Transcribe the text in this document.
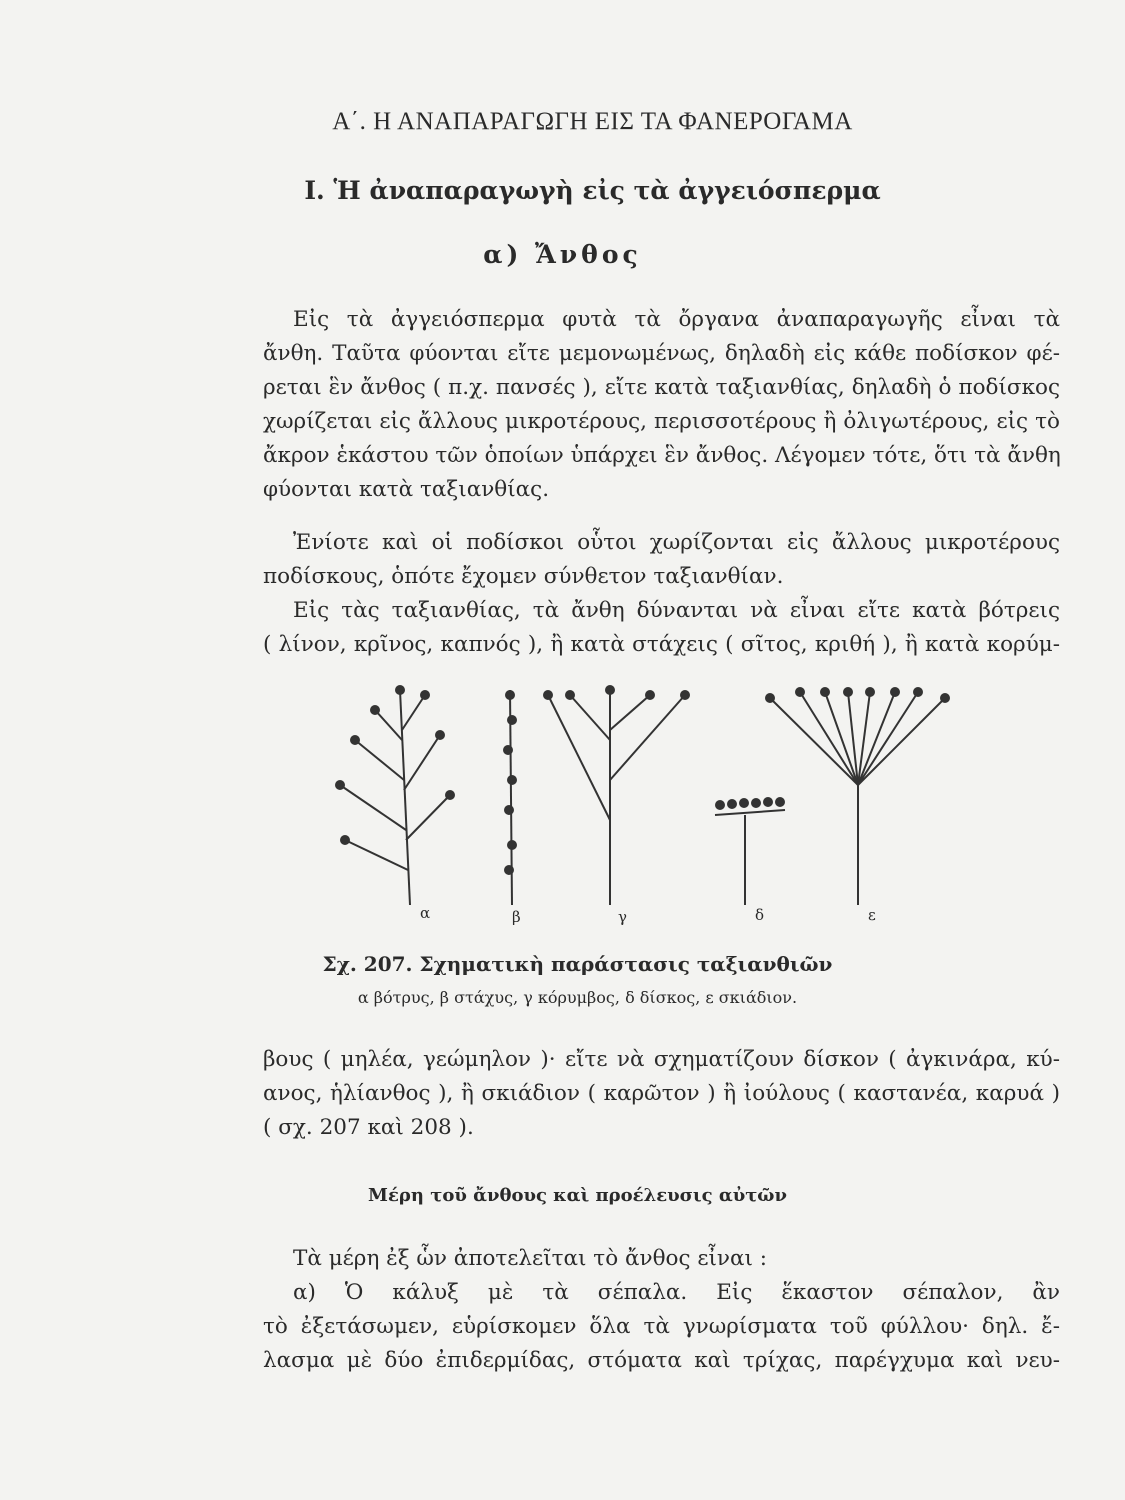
Α΄. Η ΑΝΑΠΑΡΑΓΩΓΗ ΕΙΣ ΤΑ ΦΑΝΕΡΟΓΑΜΑ
Ι. Ἡ ἀναπαραγωγὴ εἰς τὰ ἀγγειόσπερμα
α) Ἄνθος
Εἰς τὰ ἀγγειόσπερμα φυτὰ τὰ ὄργανα ἀναπαραγωγῆς εἶναι τὰ
ἄνθη. Ταῦτα φύονται εἴτε μεμονωμένως, δηλαδὴ εἰς κάθε ποδίσκον φέ-
ρεται ἓν ἄνθος ( π.χ. πανσές ), εἴτε κατὰ ταξιανθίας, δηλαδὴ ὁ ποδίσκος
χωρίζεται εἰς ἄλλους μικροτέρους, περισσοτέρους ἢ ὀλιγωτέρους, εἰς τὸ
ἄκρον ἑκάστου τῶν ὁποίων ὑπάρχει ἓν ἄνθος. Λέγομεν τότε, ὅτι τὰ ἄνθη
φύονται κατὰ ταξιανθίας.
Ἐνίοτε καὶ οἱ ποδίσκοι οὗτοι χωρίζονται εἰς ἄλλους μικροτέρους
ποδίσκους, ὁπότε ἔχομεν σύνθετον ταξιανθίαν.
Εἰς τὰς ταξιανθίας, τὰ ἄνθη δύνανται νὰ εἶναι εἴτε κατὰ βότρεις
( λίνον, κρῖνος, καπνός ), ἢ κατὰ στάχεις ( σῖτος, κριθή ), ἢ κατὰ κορύμ-
α	β	γ	δ	ε
Σχ. 207. Σχηματικὴ παράστασις ταξιανθιῶν
α βότρυς, β στάχυς, γ κόρυμβος, δ δίσκος, ε σκιάδιον.
βους ( μηλέα, γεώμηλον )· εἴτε νὰ σχηματίζουν δίσκον ( ἀγκινάρα, κύ-
ανος, ἡλίανθος ), ἢ σκιάδιον ( καρῶτον ) ἢ ἰούλους ( καστανέα, καρυά )
( σχ. 207 καὶ 208 ).
Μέρη τοῦ ἄνθους καὶ προέλευσις αὐτῶν
Τὰ μέρη ἐξ ὧν ἀποτελεῖται τὸ ἄνθος εἶναι :
α) Ὁ κάλυξ μὲ τὰ σέπαλα. Εἰς ἕκαστον σέπαλον, ἂν
τὸ ἐξετάσωμεν, εὑρίσκομεν ὅλα τὰ γνωρίσματα τοῦ φύλλου· δηλ. ἔ-
λασμα μὲ δύο ἐπιδερμίδας, στόματα καὶ τρίχας, παρέγχυμα καὶ νευ-
